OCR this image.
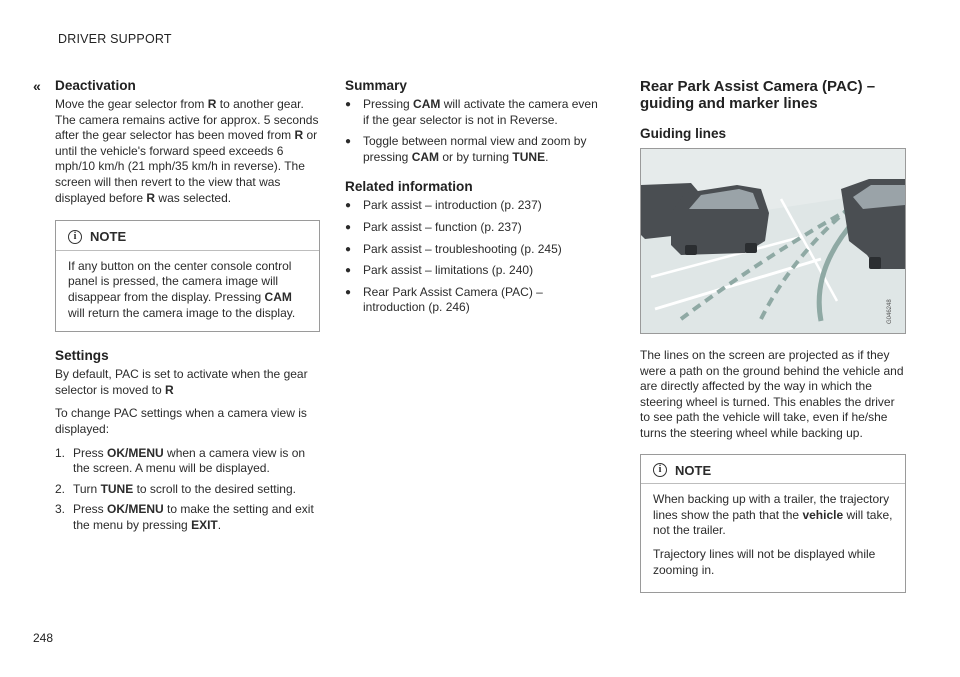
DRIVER SUPPORT
«
248
Deactivation

Move the gear selector from R to another gear. The camera remains active for approx. 5 seconds after the gear selector has been moved from R or until the vehicle's forward speed exceeds 6 mph/10 km/h (21 mph/35 km/h in reverse). The screen will then revert to the view that was displayed before R was selected.

i	NOTE
If any button on the center console control panel is pressed, the camera image will disappear from the display. Pressing CAM will return the camera image to the display.
Settings

By default, PAC is set to activate when the gear selector is moved to R

To change PAC settings when a camera view is displayed:

1. Press OK/MENU when a camera view is on the screen. A menu will be displayed.
2. Turn TUNE to scroll to the desired setting.
3. Press OK/MENU to make the setting and exit the menu by pressing EXIT.
Summary
● Pressing CAM will activate the camera even if the gear selector is not in Reverse.
● Toggle between normal view and zoom by pressing CAM or by turning TUNE.
Related information
● Park assist – introduction (p. 237)
● Park assist – function (p. 237)
● Park assist – troubleshooting (p. 245)
● Park assist – limitations (p. 240)
● Rear Park Assist Camera (PAC) – introduction (p. 246)
Rear Park Assist Camera (PAC) – guiding and marker lines
Guiding lines
G046248

The lines on the screen are projected as if they were a path on the ground behind the vehicle and are directly affected by the way in which the steering wheel is turned. This enables the driver to see path the vehicle will take, even if he/she turns the steering wheel while backing up.

i	NOTE

When backing up with a trailer, the trajectory lines show the path that the vehicle will take, not the trailer.

Trajectory lines will not be displayed while zooming in.
